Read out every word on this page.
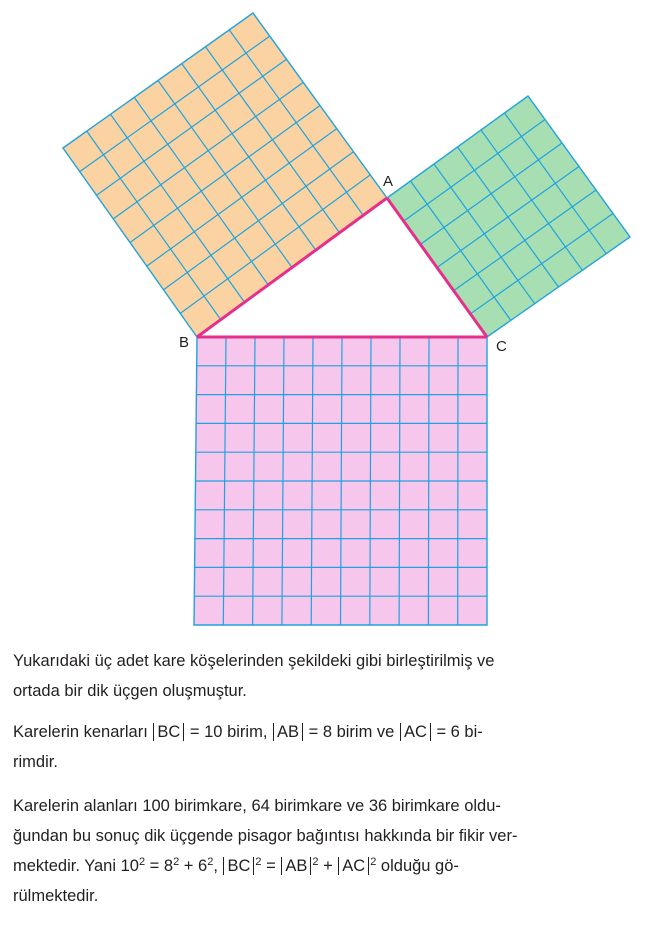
A
B	C
Yukarıdaki üç adet kare köşelerinden şekildeki gibi birleştirilmiş ve
ortada bir dik üçgen oluşmuştur.
Karelerin kenarları BC = 10 birim, AB = 8 birim ve AC = 6 bi-
rimdir.
Karelerin alanları 100 birimkare, 64 birimkare ve 36 birimkare oldu-
ğundan bu sonuç dik üçgende pisagor bağıntısı hakkında bir fikir ver-
mektedir. Yani $10^2 = 8^2 + 6^2$, BC $^2$ = AB $^2$ + AC $^2$ olduğu gö-
rülmektedir.
